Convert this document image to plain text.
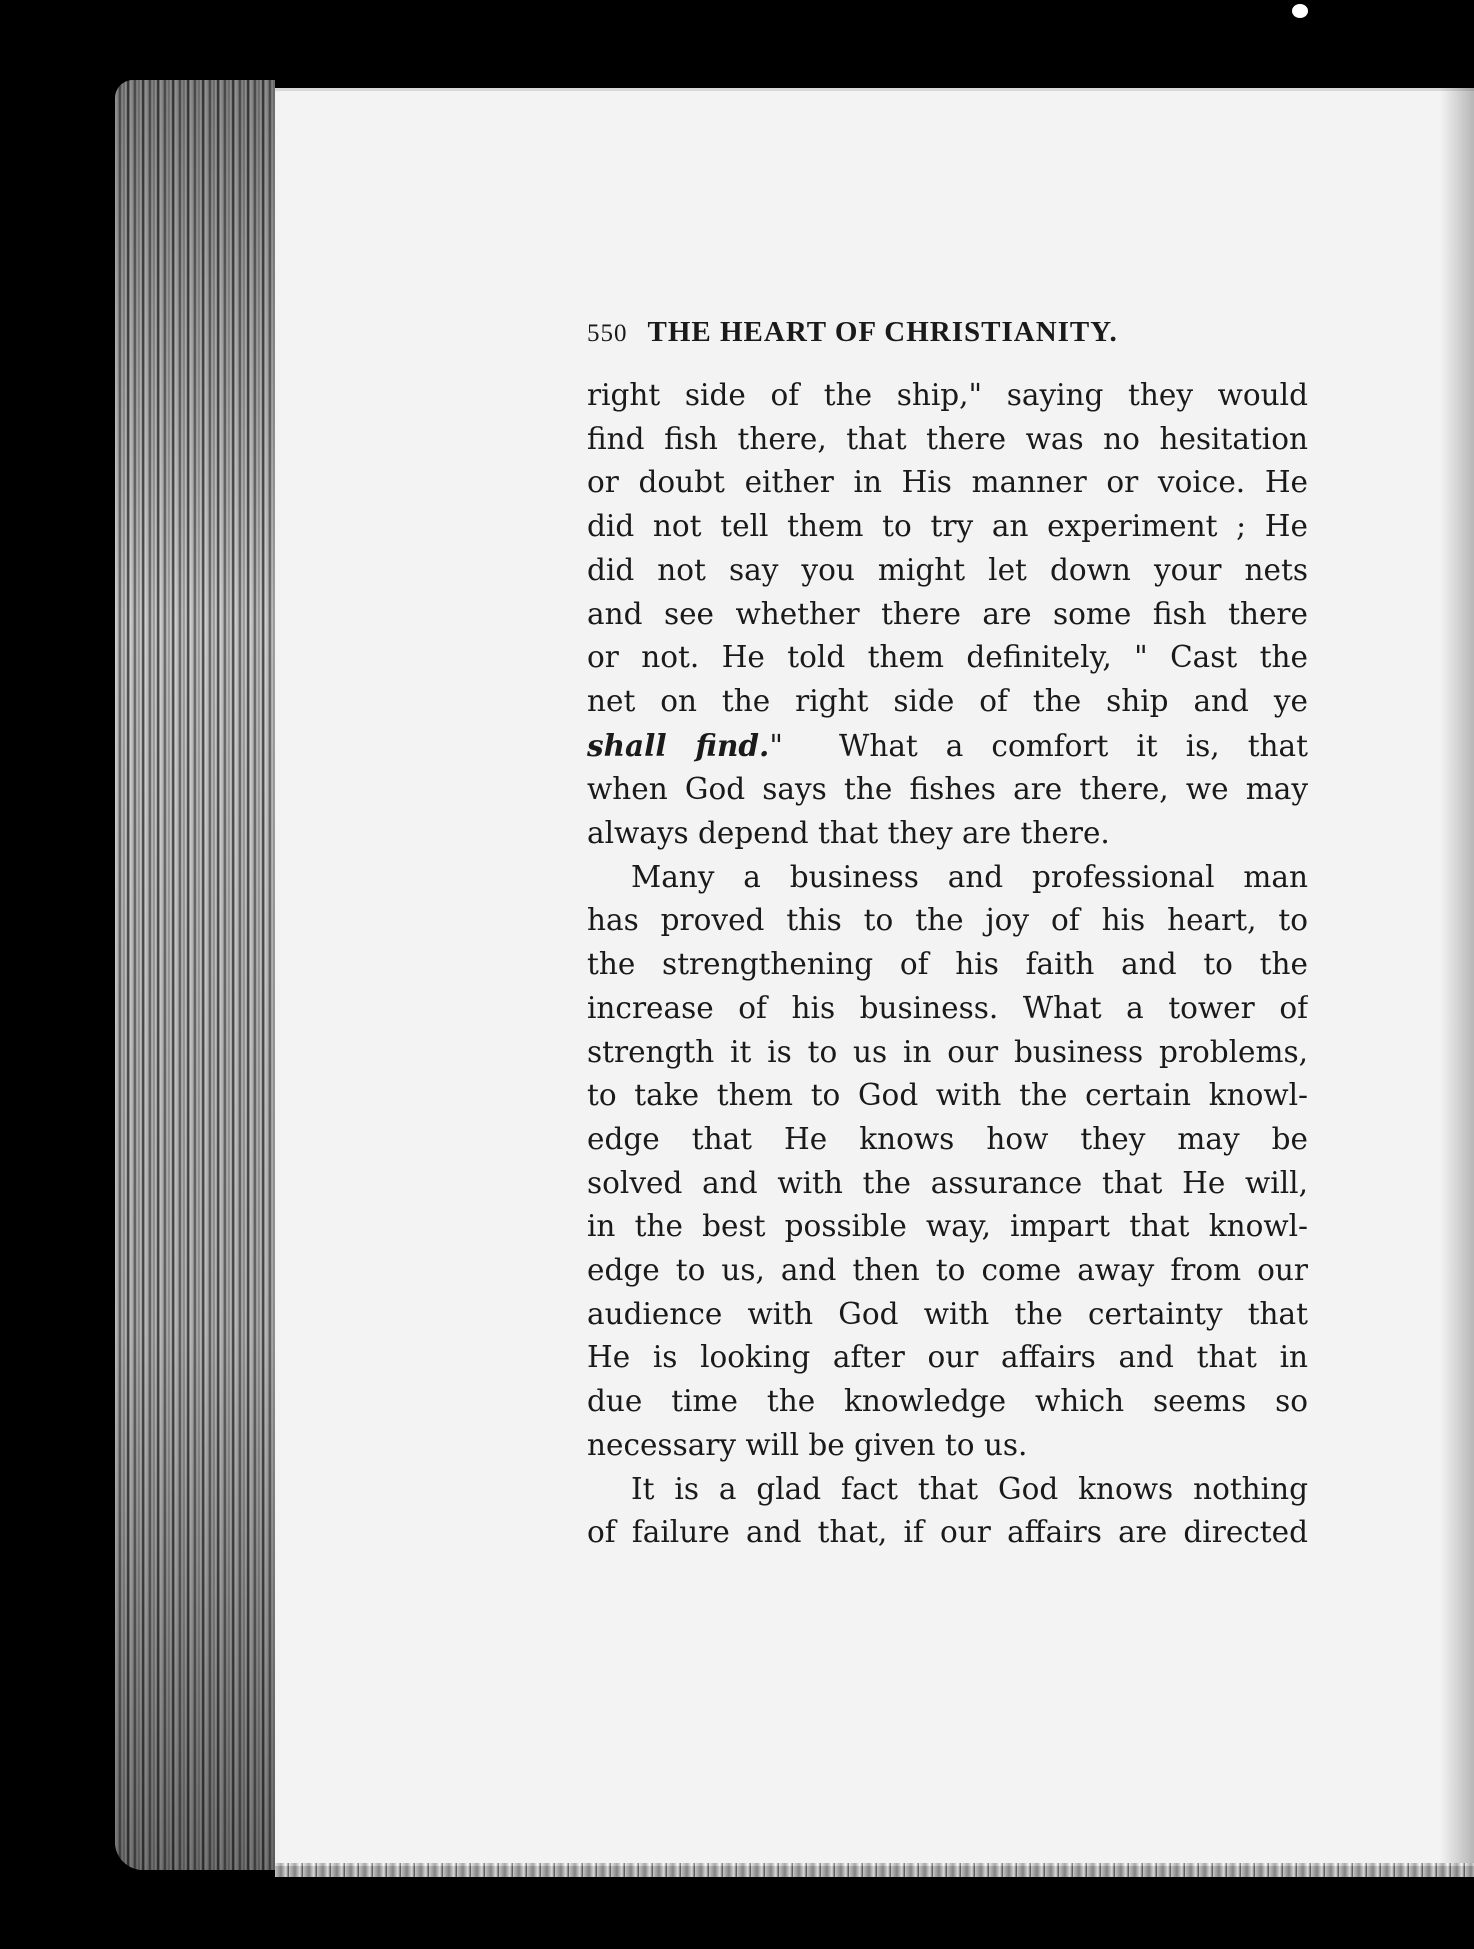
550 THE HEART OF CHRISTIANITY.
right side of the ship," saying they would
find fish there, that there was no hesitation
or doubt either in His manner or voice. He
did not tell them to try an experiment ; He
did not say you might let down your nets
and see whether there are some fish there
or not. He told them definitely, " Cast the
net on the right side of the ship and ye
shall find." What a comfort it is, that
when God says the fishes are there, we may
always depend that they are there.
Many a business and professional man
has proved this to the joy of his heart, to
the strengthening of his faith and to the
increase of his business. What a tower of
strength it is to us in our business problems,
to take them to God with the certain knowl-
edge that He knows how they may be
solved and with the assurance that He will,
in the best possible way, impart that knowl-
edge to us, and then to come away from our
audience with God with the certainty that
He is looking after our affairs and that in
due time the knowledge which seems so
necessary will be given to us.
It is a glad fact that God knows nothing
of failure and that, if our affairs are directed
